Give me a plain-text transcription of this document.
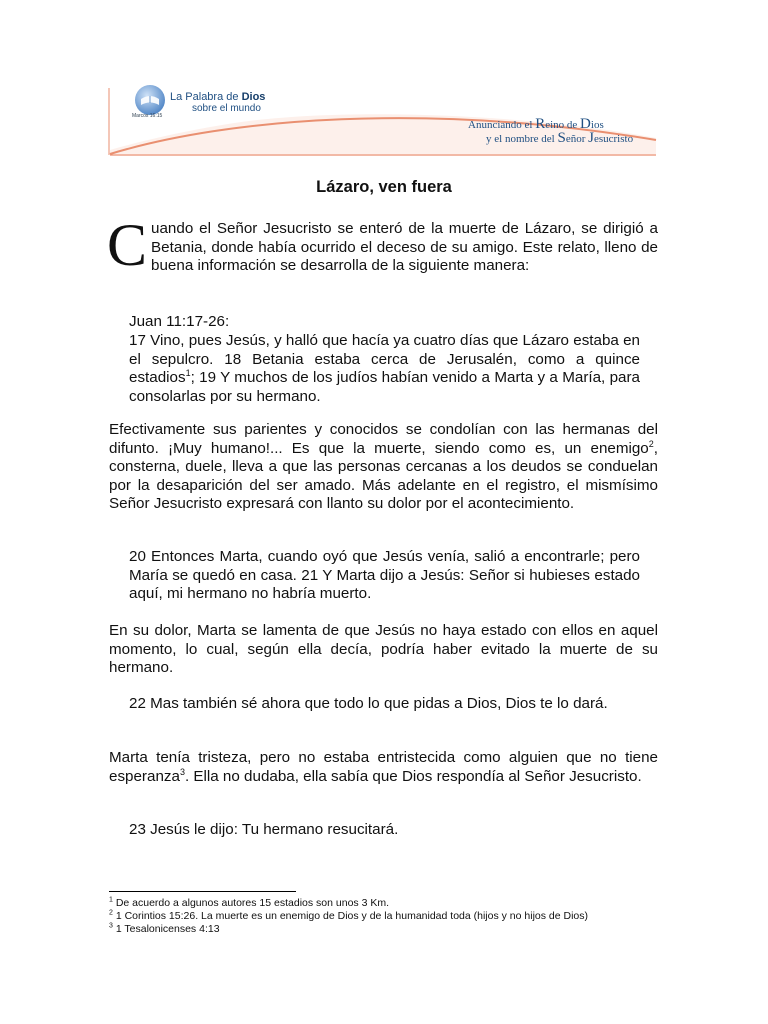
La Palabra de Dios
sobre el mundo
Marcos 16:15
Anunciando el Reino de Dios
y el nombre del Señor Jesucristo
Lázaro, ven fuera
Cuando el Señor Jesucristo se enteró de la muerte de Lázaro, se dirigió a Betania, donde había ocurrido el deceso de su amigo. Este relato, lleno de buena información se desarrolla de la siguiente manera:
Juan 11:17-26:
17 Vino, pues Jesús, y halló que hacía ya cuatro días que Lázaro estaba en el sepulcro. 18 Betania estaba cerca de Jerusalén, como a quince estadios$^1$; 19 Y muchos de los judíos habían venido a Marta y a María, para consolarlas por su hermano.
Efectivamente sus parientes y conocidos se condolían con las hermanas del difunto. ¡Muy humano!... Es que la muerte, siendo como es, un enemigo$^2$, consterna, duele, lleva a que las personas cercanas a los deudos se conduelan por la desaparición del ser amado. Más adelante en el registro, el mismísimo Señor Jesucristo expresará con llanto su dolor por el acontecimiento.
20 Entonces Marta, cuando oyó que Jesús venía, salió a encontrarle; pero María se quedó en casa. 21 Y Marta dijo a Jesús: Señor si hubieses estado aquí, mi hermano no habría muerto.
En su dolor, Marta se lamenta de que Jesús no haya estado con ellos en aquel momento, lo cual, según ella decía, podría haber evitado la muerte de su hermano.
22 Mas también sé ahora que todo lo que pidas a Dios, Dios te lo dará.
Marta tenía tristeza, pero no estaba entristecida como alguien que no tiene esperanza$^3$. Ella no dudaba, ella sabía que Dios respondía al Señor Jesucristo.
23 Jesús le dijo: Tu hermano resucitará.
$^1$ De acuerdo a algunos autores 15 estadios son unos 3 Km.
$^2$ 1 Corintios 15:26. La muerte es un enemigo de Dios y de la humanidad toda (hijos y no hijos de Dios)
$^3$ 1 Tesalonicenses 4:13
